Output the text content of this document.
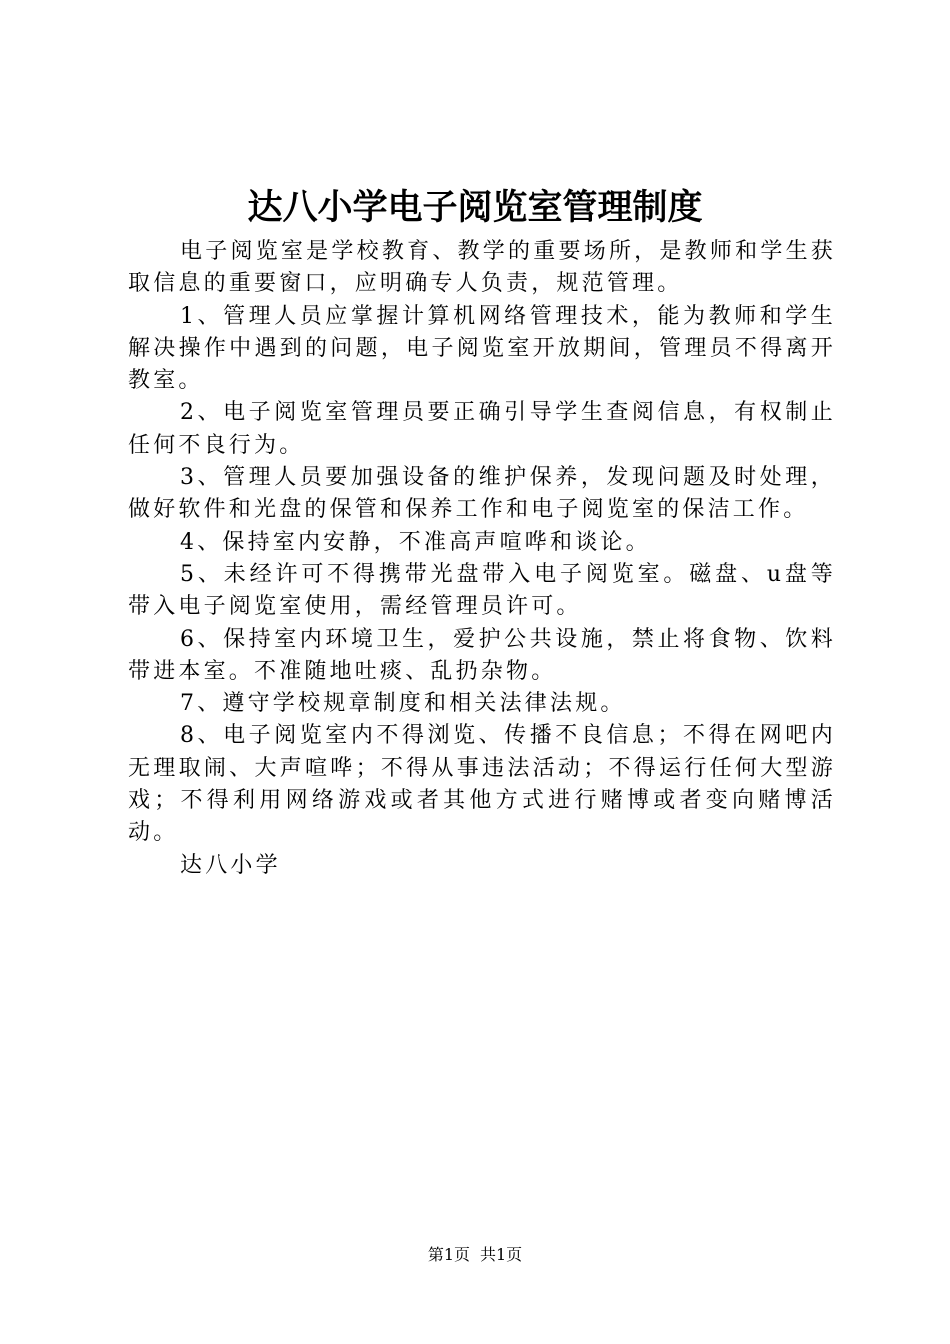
达八小学电子阅览室管理制度

电子阅览室是学校教育、教学的重要场所，是教师和学生获取信息的重要窗口，应明确专人负责，规范管理。

1、管理人员应掌握计算机网络管理技术，能为教师和学生解决操作中遇到的问题，电子阅览室开放期间，管理员不得离开教室。

2、电子阅览室管理员要正确引导学生查阅信息，有权制止任何不良行为。

3、管理人员要加强设备的维护保养，发现问题及时处理，做好软件和光盘的保管和保养工作和电子阅览室的保洁工作。

4、保持室内安静，不准高声喧哗和谈论。

5、未经许可不得携带光盘带入电子阅览室。磁盘、u盘等带入电子阅览室使用，需经管理员许可。

6、保持室内环境卫生，爱护公共设施，禁止将食物、饮料带进本室。不准随地吐痰、乱扔杂物。

7、遵守学校规章制度和相关法律法规。

8、电子阅览室内不得浏览、传播不良信息；不得在网吧内无理取闹、大声喧哗；不得从事违法活动；不得运行任何大型游戏；不得利用网络游戏或者其他方式进行赌博或者变向赌博活动。

达八小学

第1页 共1页
